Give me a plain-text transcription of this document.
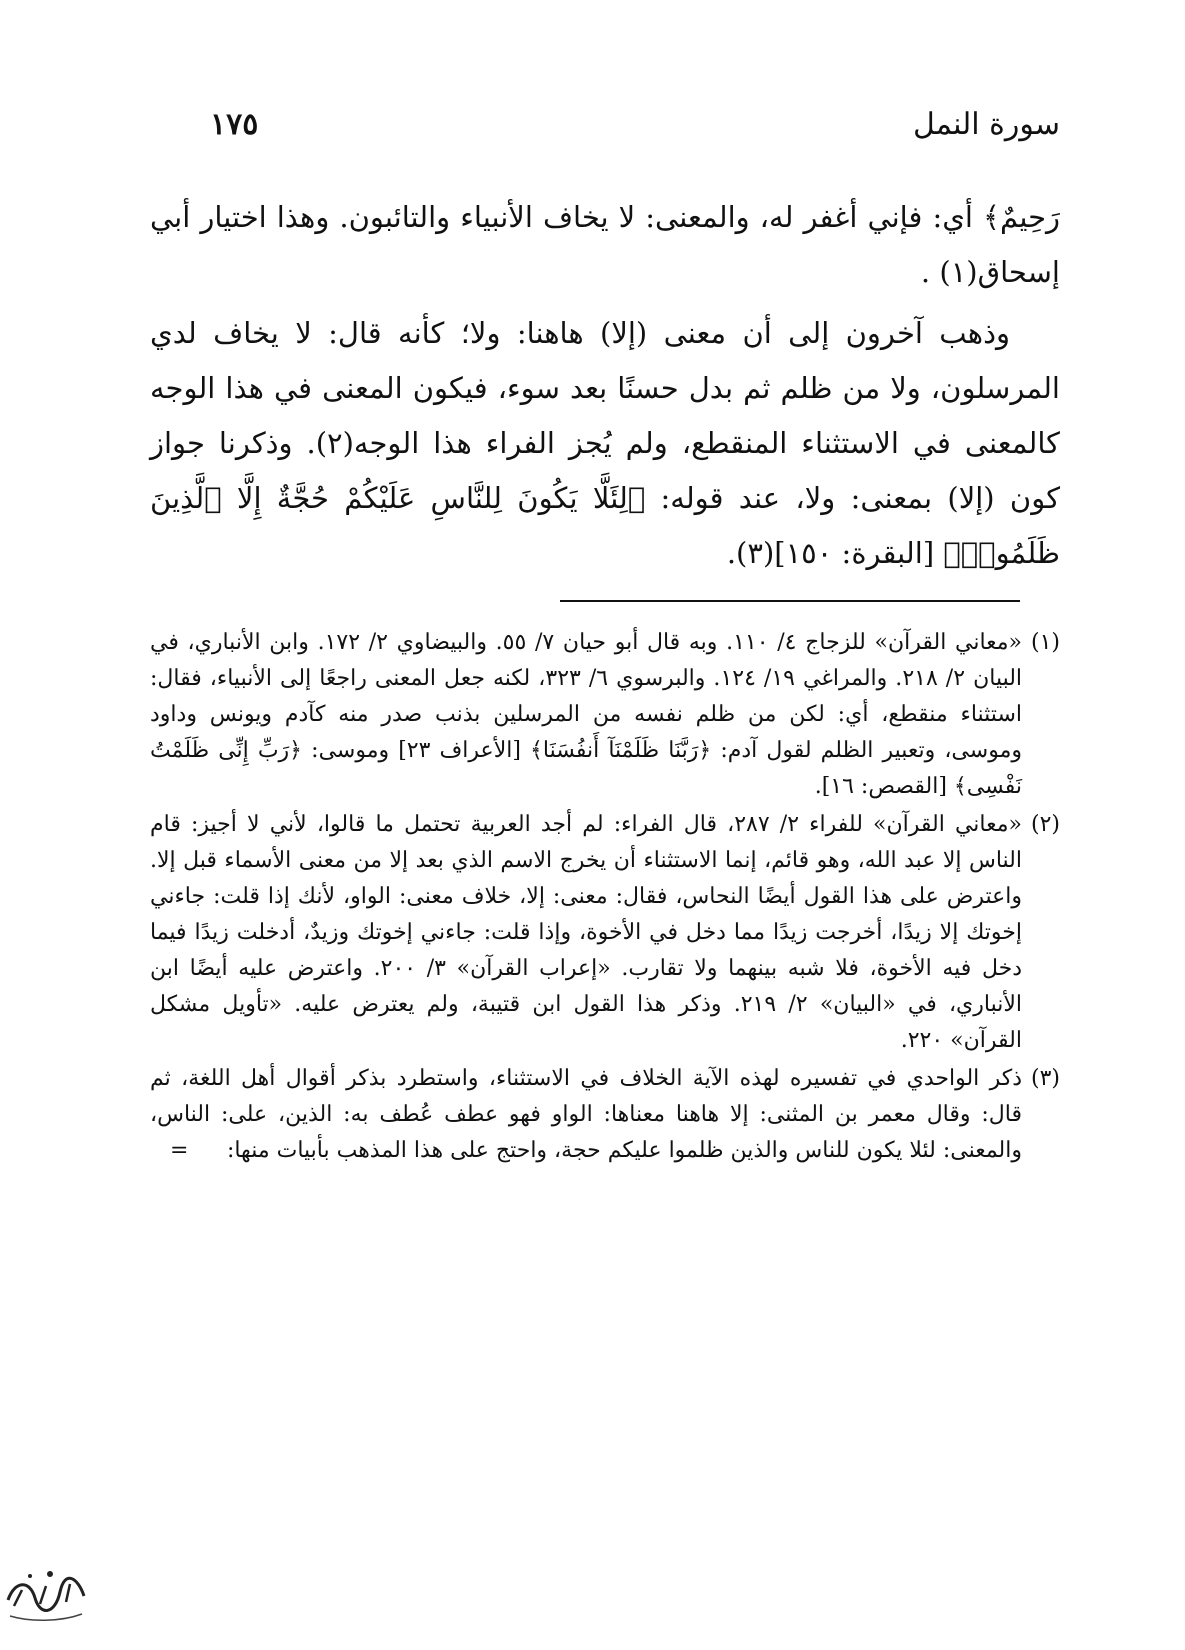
سورة النمل
١٧٥

رَحِيمٌ﴾ أي: فإني أغفر له، والمعنى: لا يخاف الأنبياء والتائبون. وهذا اختيار أبي إسحاق(١) .

وذهب آخرون إلى أن معنى (إلا) هاهنا: ولا؛ كأنه قال: لا يخاف لدي المرسلون، ولا من ظلم ثم بدل حسنًا بعد سوء، فيكون المعنى في هذا الوجه كالمعنى في الاستثناء المنقطع، ولم يُجز الفراء هذا الوجه(٢). وذكرنا جواز كون (إلا) بمعنى: ولا، عند قوله: ﴿لِئَلَّا يَكُونَ لِلنَّاسِ عَلَيْكُمْ حُجَّةٌ إِلَّا ٱلَّذِينَ ظَلَمُوا۟﴾ [البقرة: ١٥٠](٣).

(١)

«معاني القرآن» للزجاج ٤/ ١١٠. وبه قال أبو حيان ٧/ ٥٥. والبيضاوي ٢/ ١٧٢. وابن الأنباري، في البيان ٢/ ٢١٨. والمراغي ١٩/ ١٢٤. والبرسوي ٦/ ٣٢٣، لكنه جعل المعنى راجعًا إلى الأنبياء، فقال: استثناء منقطع، أي: لكن من ظلم نفسه من المرسلين بذنب صدر منه كآدم ويونس وداود وموسى، وتعبير الظلم لقول آدم: ﴿رَبَّنَا ظَلَمْنَآ أَنفُسَنَا﴾ [الأعراف ٢٣] وموسى: ﴿رَبِّ إِنِّى ظَلَمْتُ نَفْسِى﴾ [القصص: ١٦].

(٢)

«معاني القرآن» للفراء ٢/ ٢٨٧، قال الفراء: لم أجد العربية تحتمل ما قالوا، لأني لا أجيز: قام الناس إلا عبد الله، وهو قائم، إنما الاستثناء أن يخرج الاسم الذي بعد إلا من معنى الأسماء قبل إلا. واعترض على هذا القول أيضًا النحاس، فقال: معنى: إلا، خلاف معنى: الواو، لأنك إذا قلت: جاءني إخوتك إلا زيدًا، أخرجت زيدًا مما دخل في الأخوة، وإذا قلت: جاءني إخوتك وزيدٌ، أدخلت زيدًا فيما دخل فيه الأخوة، فلا شبه بينهما ولا تقارب. «إعراب القرآن» ٣/ ٢٠٠. واعترض عليه أيضًا ابن الأنباري، في «البيان» ٢/ ٢١٩. وذكر هذا القول ابن قتيبة، ولم يعترض عليه. «تأويل مشكل القرآن» ٢٢٠.

(٣)

ذكر الواحدي في تفسيره لهذه الآية الخلاف في الاستثناء، واستطرد بذكر أقوال أهل اللغة، ثم قال: وقال معمر بن المثنى: إلا هاهنا معناها: الواو فهو عطف عُطف به: الذين، على: الناس، والمعنى: لئلا يكون للناس والذين ظلموا عليكم حجة، واحتج على هذا المذهب بأبيات منها:
=
